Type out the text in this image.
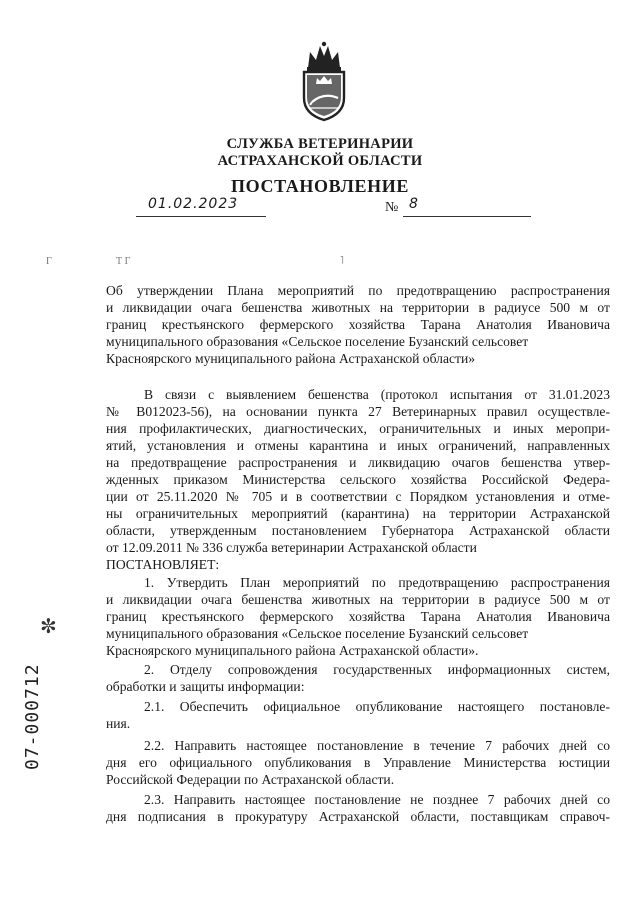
СЛУЖБА ВЕТЕРИНАРИИ
АСТРАХАНСКОЙ ОБЛАСТИ
ПОСТАНОВЛЕНИЕ
01.02.2023	№ 8
Г	Т Г	˥
✼
07-000712
Об утверждении Плана мероприятий по предотвращению распространения
и ликвидации очага бешенства животных на территории в радиусе 500 м от
границ крестьянского фермерского хозяйства Тарана Анатолия Ивановича
муниципального образования «Сельское поселение Бузанский сельсовет
Красноярского муниципального района Астраханской области»
В связи с выявлением бешенства (протокол испытания от 31.01.2023
№ В012023-56), на основании пункта 27 Ветеринарных правил осуществле-
ния профилактических, диагностических, ограничительных и иных меропри-
ятий, установления и отмены карантина и иных ограничений, направленных
на предотвращение распространения и ликвидацию очагов бешенства утвер-
жденных приказом Министерства сельского хозяйства Российской Федера-
ции от 25.11.2020 № 705 и в соответствии с Порядком установления и отме-
ны ограничительных мероприятий (карантина) на территории Астраханской
области, утвержденным постановлением Губернатора Астраханской области
от 12.09.2011 № 336 служба ветеринарии Астраханской области
ПОСТАНОВЛЯЕТ:
1. Утвердить План мероприятий по предотвращению распространения
и ликвидации очага бешенства животных на территории в радиусе 500 м от
границ крестьянского фермерского хозяйства Тарана Анатолия Ивановича
муниципального образования «Сельское поселение Бузанский сельсовет
Красноярского муниципального района Астраханской области».
2. Отделу сопровождения государственных информационных систем,
обработки и защиты информации:
2.1. Обеспечить официальное опубликование настоящего постановле-
ния.
2.2. Направить настоящее постановление в течение 7 рабочих дней со
дня его официального опубликования в Управление Министерства юстиции
Российской Федерации по Астраханской области.
2.3. Направить настоящее постановление не позднее 7 рабочих дней со
дня подписания в прокуратуру Астраханской области, поставщикам справоч-
